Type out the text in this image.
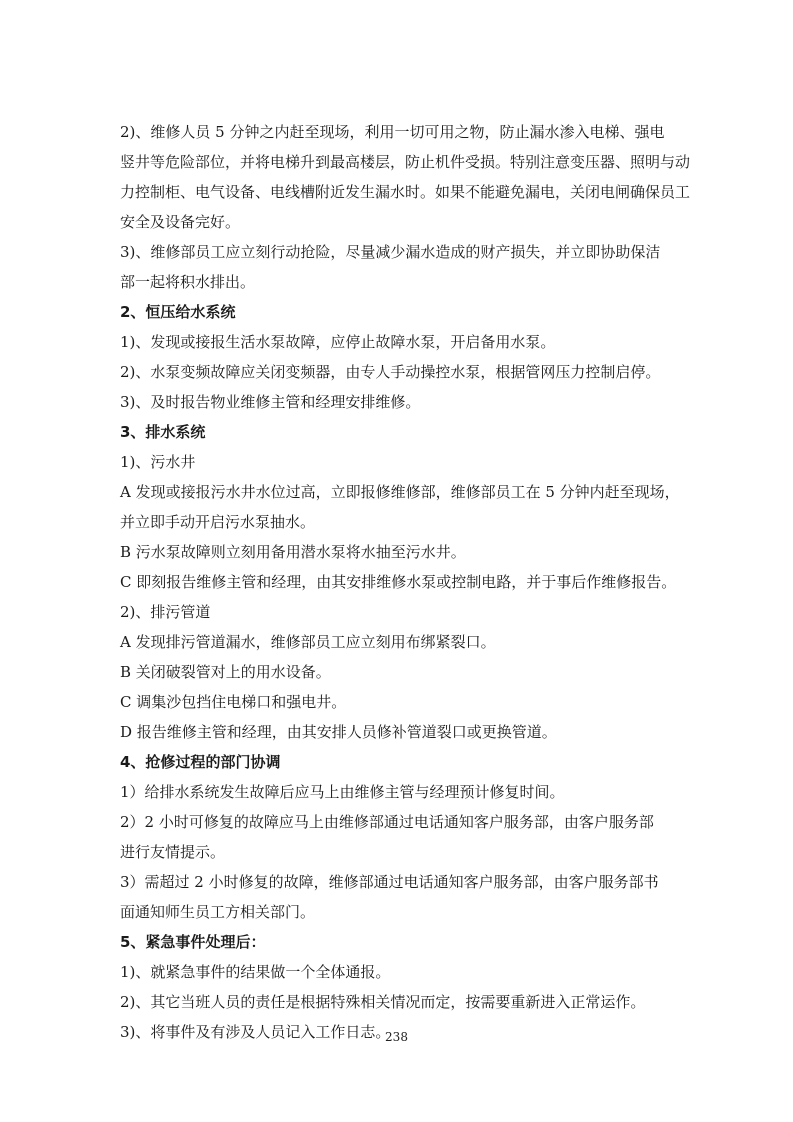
2)、维修人员 5 分钟之内赶至现场，利用一切可用之物，防止漏水渗入电梯、强电
竖井等危险部位，并将电梯升到最高楼层，防止机件受损。特别注意变压器、照明与动
力控制柜、电气设备、电线槽附近发生漏水时。如果不能避免漏电，关闭电闸确保员工
安全及设备完好。
3)、维修部员工应立刻行动抢险，尽量减少漏水造成的财产损失，并立即协助保洁
部一起将积水排出。
2、恒压给水系统
1)、发现或接报生活水泵故障，应停止故障水泵，开启备用水泵。
2)、水泵变频故障应关闭变频器，由专人手动操控水泵，根据管网压力控制启停。
3)、及时报告物业维修主管和经理安排维修。
3、排水系统
1)、污水井
A 发现或接报污水井水位过高，立即报修维修部，维修部员工在 5 分钟内赶至现场，
并立即手动开启污水泵抽水。
B 污水泵故障则立刻用备用潜水泵将水抽至污水井。
C 即刻报告维修主管和经理，由其安排维修水泵或控制电路，并于事后作维修报告。
2)、排污管道
A 发现排污管道漏水，维修部员工应立刻用布绑紧裂口。
B 关闭破裂管对上的用水设备。
C 调集沙包挡住电梯口和强电井。
D 报告维修主管和经理，由其安排人员修补管道裂口或更换管道。
4、抢修过程的部门协调
1）给排水系统发生故障后应马上由维修主管与经理预计修复时间。
2）2 小时可修复的故障应马上由维修部通过电话通知客户服务部，由客户服务部
进行友情提示。
3）需超过 2 小时修复的故障，维修部通过电话通知客户服务部，由客户服务部书
面通知师生员工方相关部门。
5、紧急事件处理后：
1)、就紧急事件的结果做一个全体通报。
2)、其它当班人员的责任是根据特殊相关情况而定，按需要重新进入正常运作。
3)、将事件及有涉及人员记入工作日志。
238
